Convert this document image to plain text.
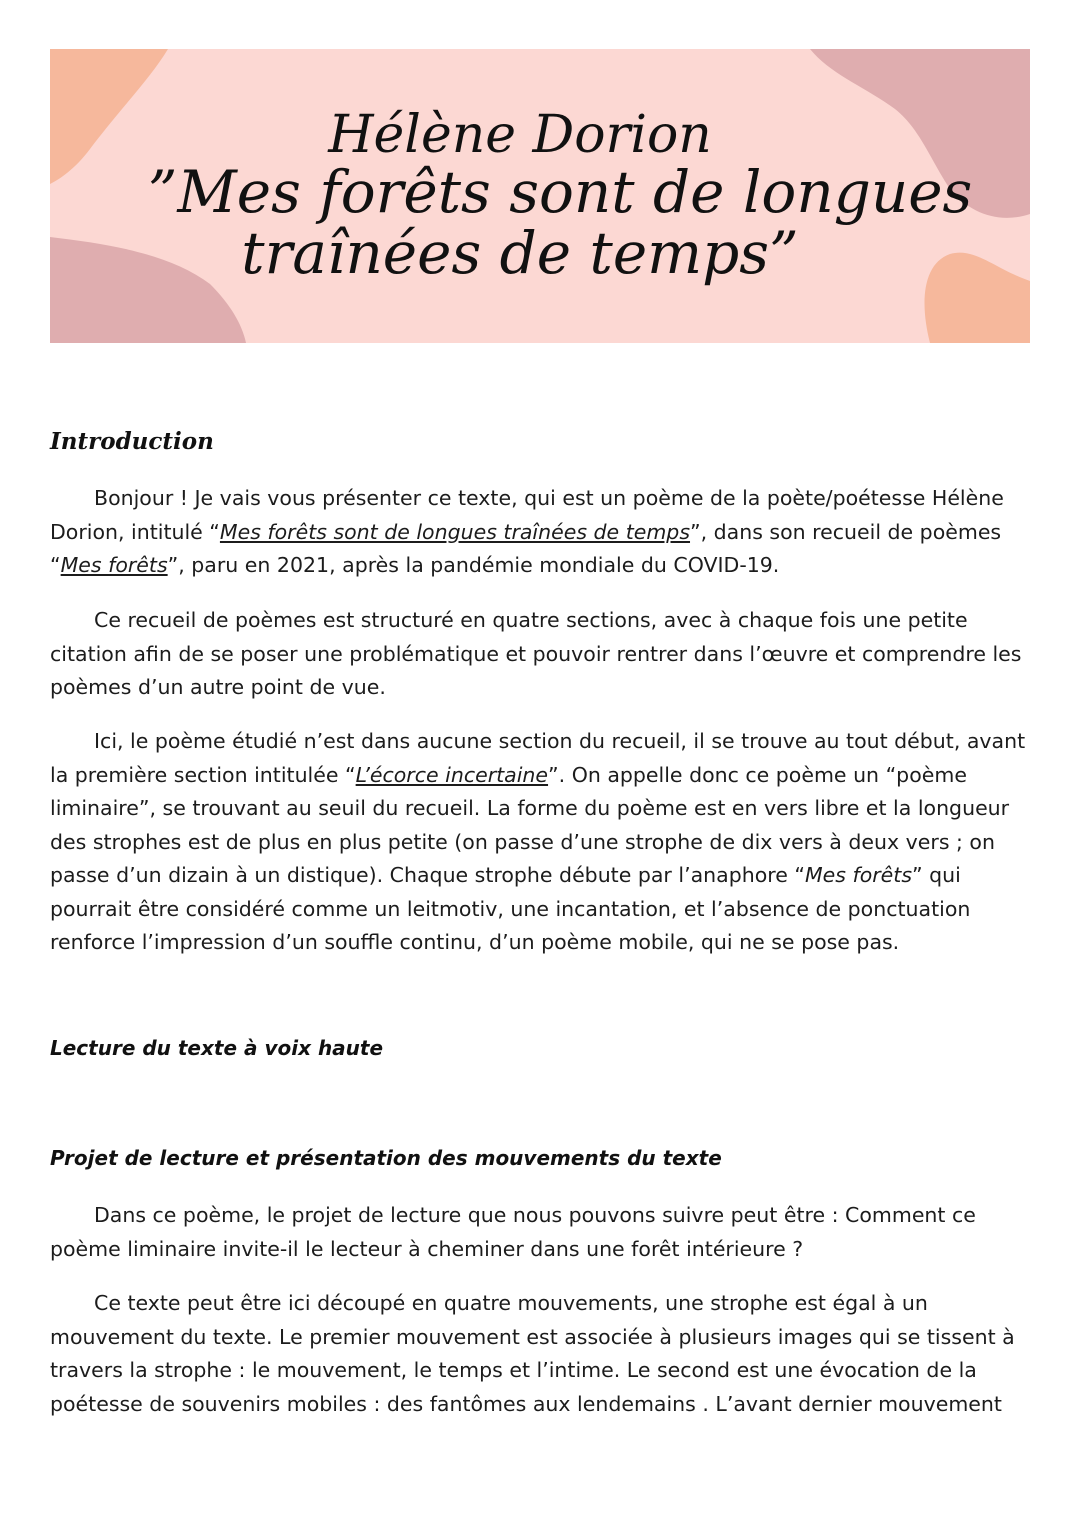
Hélène Dorion
”Mes forêts sont de longues
traînées de temps”
Introduction

Bonjour ! Je vais vous présenter ce texte, qui est un poème de la poète/poétesse Hélène Dorion, intitulé “Mes forêts sont de longues traînées de temps”, dans son recueil de poèmes “Mes forêts”, paru en 2021, après la pandémie mondiale du COVID-19.

Ce recueil de poèmes est structuré en quatre sections, avec à chaque fois une petite citation afin de se poser une problématique et pouvoir rentrer dans l’œuvre et comprendre les poèmes d’un autre point de vue.

Ici, le poème étudié n’est dans aucune section du recueil, il se trouve au tout début, avant la première section intitulée “L’écorce incertaine”. On appelle donc ce poème un “poème liminaire”, se trouvant au seuil du recueil. La forme du poème est en vers libre et la longueur des strophes est de plus en plus petite (on passe d’une strophe de dix vers à deux vers ; on passe d’un dizain à un distique). Chaque strophe débute par l’anaphore “Mes forêts” qui pourrait être considéré comme un leitmotiv, une incantation, et l’absence de ponctuation renforce l’impression d’un souffle continu, d’un poème mobile, qui ne se pose pas.

Lecture du texte à voix haute
Projet de lecture et présentation des mouvements du texte

Dans ce poème, le projet de lecture que nous pouvons suivre peut être : Comment ce poème liminaire invite-il le lecteur à cheminer dans une forêt intérieure ?

Ce texte peut être ici découpé en quatre mouvements, une strophe est égal à un mouvement du texte. Le premier mouvement est associée à plusieurs images qui se tissent à travers la strophe : le mouvement, le temps et l’intime. Le second est une évocation de la poétesse de souvenirs mobiles : des fantômes aux lendemains . L’avant dernier mouvement
